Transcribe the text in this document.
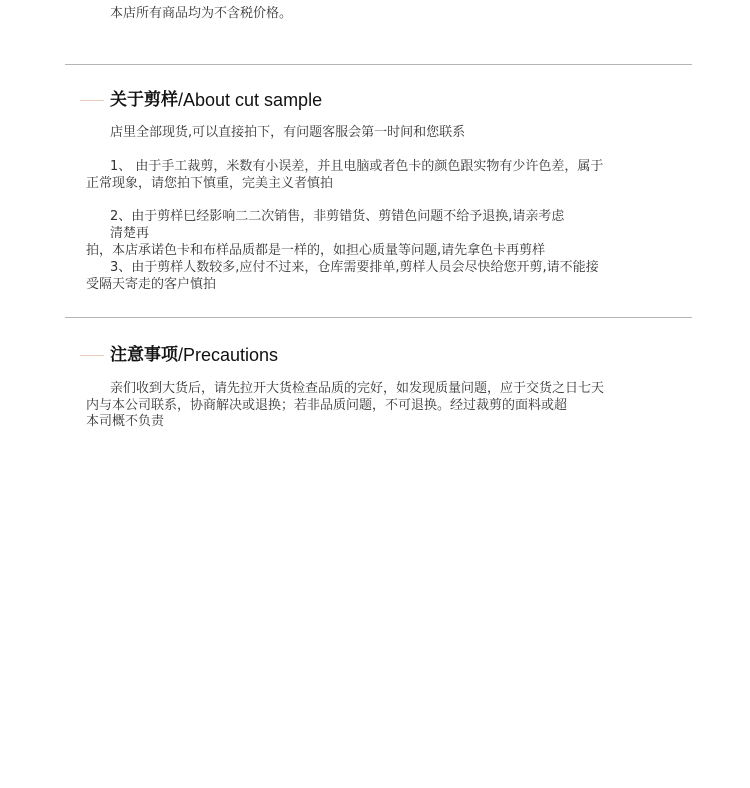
本店所有商品均为不含税价格。
关于剪样 /About cut sample
店里全部现货,可以直接拍下，有问题客服会第一时间和您联系
1、 由于手工裁剪，米数有小误差，并且电脑或者色卡的颜色跟实物有少许色差，属于
正常现象，请您拍下慎重，完美主义者慎拍
2、由于剪样巳经影响二二次销售，非剪错货、剪错色问题不给予退换,请亲考虑
清楚再
拍，本店承诺色卡和布样品质都是一样的，如担心质量等问题,请先拿色卡再剪样
3、由于剪样人数较多,应付不过来，仓库需要排单,剪样人员会尽快给您开剪,请不能接
受隔天寄走的客户慎拍
注意事项 /Precautions
亲们收到大货后，请先拉开大货检查品质的完好，如发现质量问题，应于交货之日七天
内与本公司联系，协商解决或退换；若非品质问题，不可退换。经过裁剪的面料或超
本司概不负责
